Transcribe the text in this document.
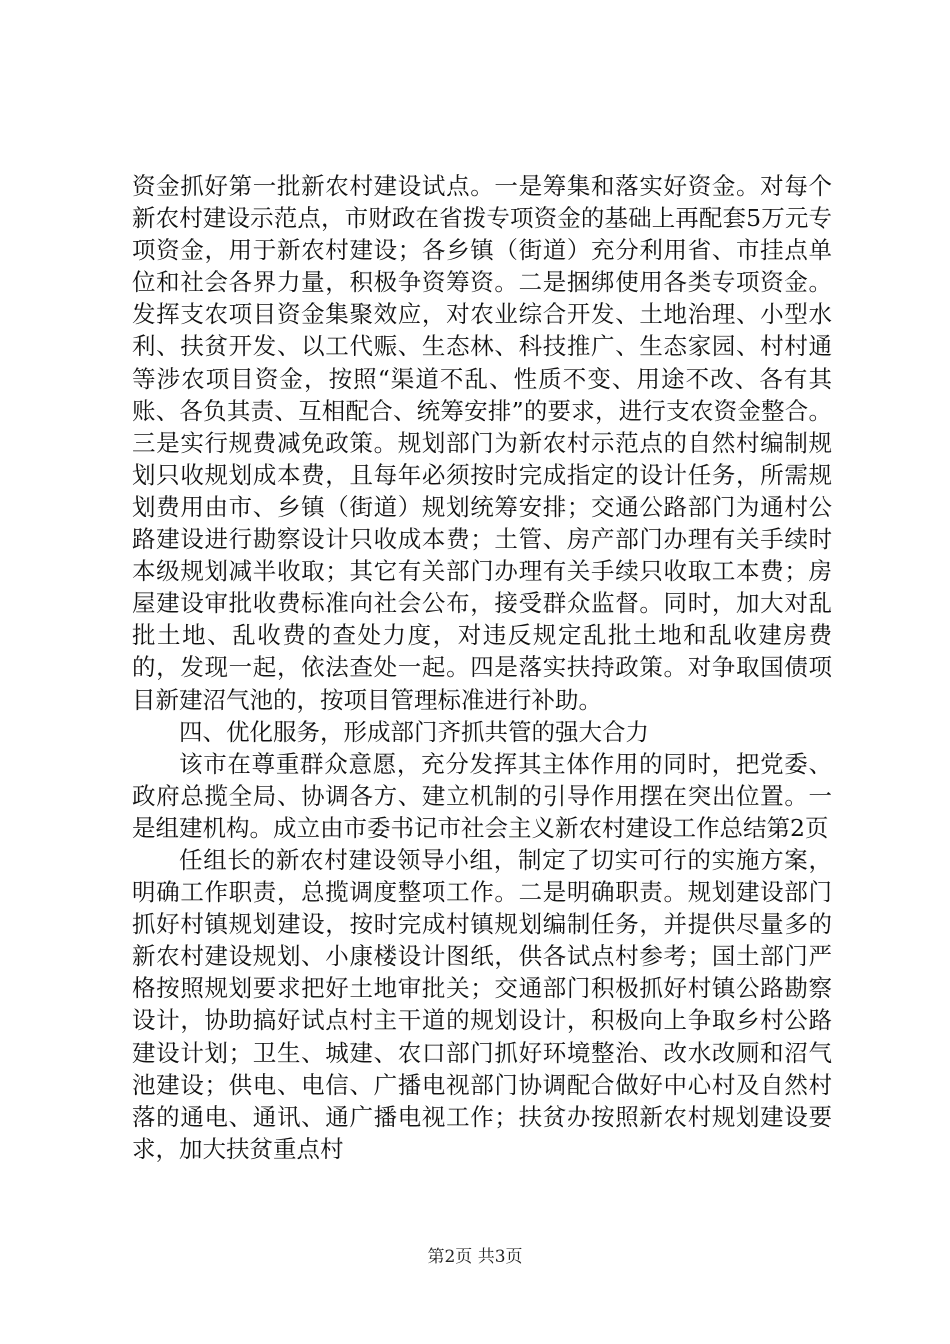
资金抓好第一批新农村建设试点。一是筹集和落实好资金。对每个新农村建设示范点，市财政在省拨专项资金的基础上再配套5万元专项资金，用于新农村建设；各乡镇（街道）充分利用省、市挂点单位和社会各界力量，积极争资筹资。二是捆绑使用各类专项资金。发挥支农项目资金集聚效应，对农业综合开发、土地治理、小型水利、扶贫开发、以工代赈、生态林、科技推广、生态家园、村村通等涉农项目资金，按照“渠道不乱、性质不变、用途不改、各有其账、各负其责、互相配合、统筹安排”的要求，进行支农资金整合。三是实行规费减免政策。规划部门为新农村示范点的自然村编制规划只收规划成本费，且每年必须按时完成指定的设计任务，所需规划费用由市、乡镇（街道）规划统筹安排；交通公路部门为通村公路建设进行勘察设计只收成本费；土管、房产部门办理有关手续时本级规划减半收取；其它有关部门办理有关手续只收取工本费；房屋建设审批收费标准向社会公布，接受群众监督。同时，加大对乱批土地、乱收费的查处力度，对违反规定乱批土地和乱收建房费的，发现一起，依法查处一起。四是落实扶持政策。对争取国债项目新建沼气池的，按项目管理标准进行补助。

四、优化服务，形成部门齐抓共管的强大合力

该市在尊重群众意愿，充分发挥其主体作用的同时，把党委、政府总揽全局、协调各方、建立机制的引导作用摆在突出位置。一是组建机构。成立由市委书记市社会主义新农村建设工作总结第2页

任组长的新农村建设领导小组，制定了切实可行的实施方案，明确工作职责，总揽调度整项工作。二是明确职责。规划建设部门抓好村镇规划建设，按时完成村镇规划编制任务，并提供尽量多的新农村建设规划、小康楼设计图纸，供各试点村参考；国土部门严格按照规划要求把好土地审批关；交通部门积极抓好村镇公路勘察设计，协助搞好试点村主干道的规划设计，积极向上争取乡村公路建设计划；卫生、城建、农口部门抓好环境整治、改水改厕和沼气池建设；供电、电信、广播电视部门协调配合做好中心村及自然村落的通电、通讯、通广播电视工作；扶贫办按照新农村规划建设要求，加大扶贫重点村

第2页 共3页
